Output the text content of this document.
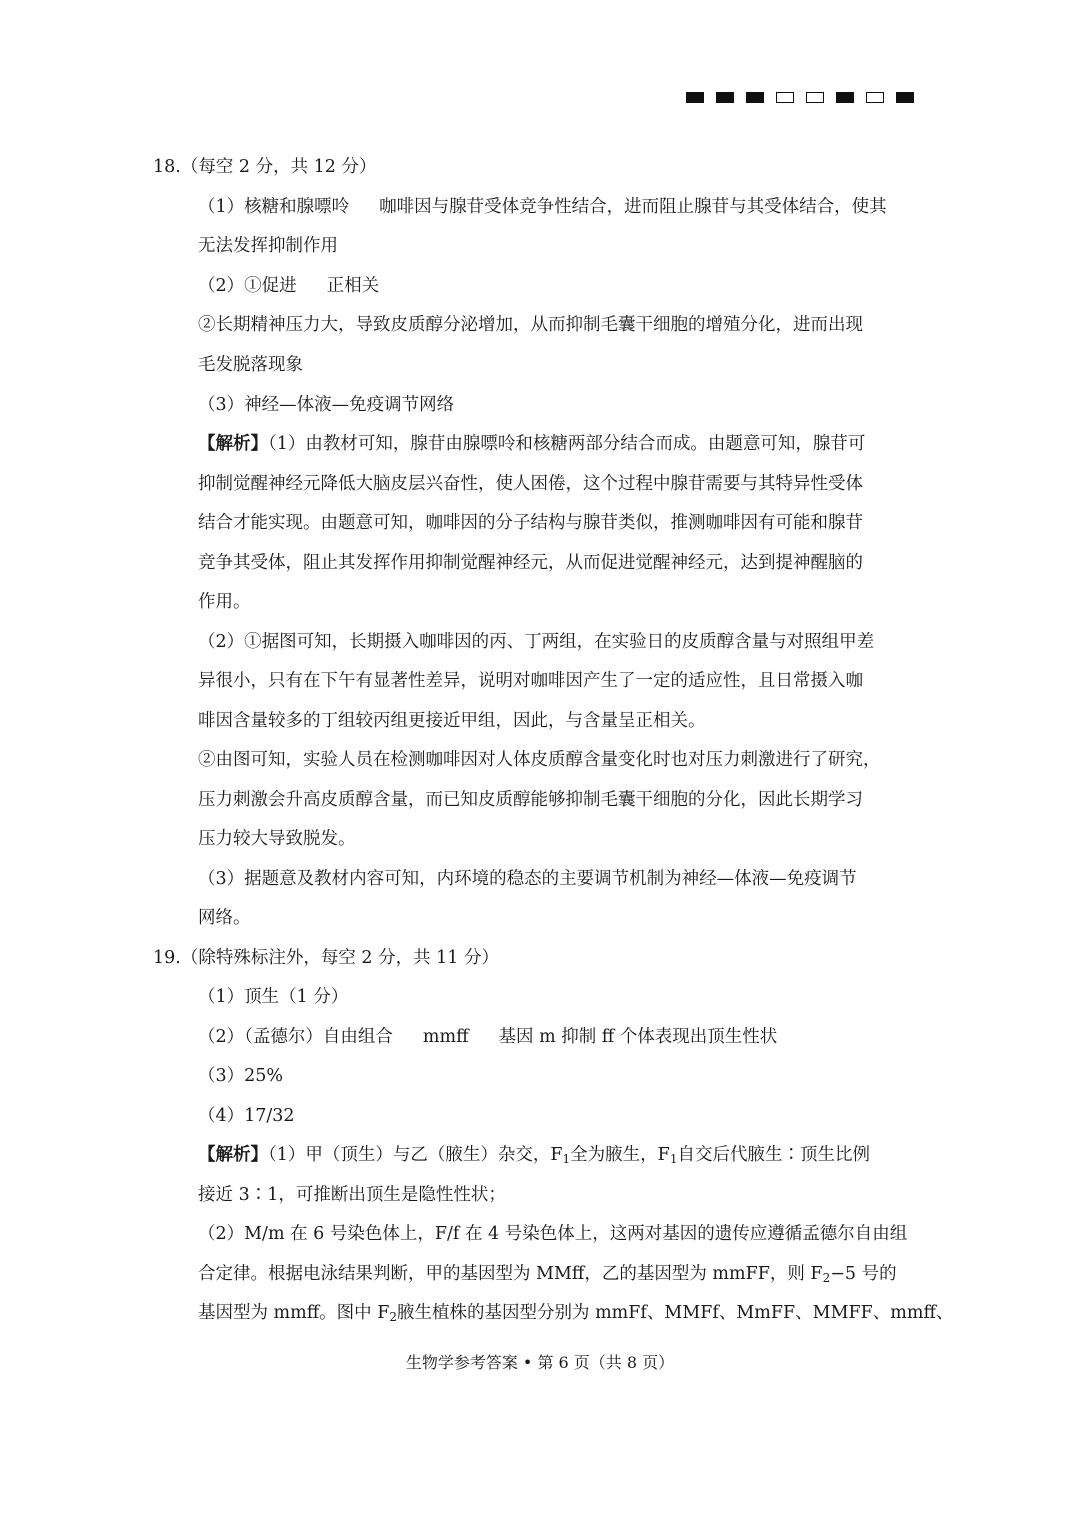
18.（每空 2 分，共 12 分）
（1）核糖和腺嘌呤 咖啡因与腺苷受体竞争性结合，进而阻止腺苷与其受体结合，使其
无法发挥抑制作用
（2）①促进 正相关
②长期精神压力大，导致皮质醇分泌增加，从而抑制毛囊干细胞的增殖分化，进而出现
毛发脱落现象
（3）神经—体液—免疫调节网络
【解析】（1）由教材可知，腺苷由腺嘌呤和核糖两部分结合而成。由题意可知，腺苷可
抑制觉醒神经元降低大脑皮层兴奋性，使人困倦，这个过程中腺苷需要与其特异性受体
结合才能实现。由题意可知，咖啡因的分子结构与腺苷类似，推测咖啡因有可能和腺苷
竞争其受体，阻止其发挥作用抑制觉醒神经元，从而促进觉醒神经元，达到提神醒脑的
作用。
（2）①据图可知，长期摄入咖啡因的丙、丁两组，在实验日的皮质醇含量与对照组甲差
异很小，只有在下午有显著性差异，说明对咖啡因产生了一定的适应性，且日常摄入咖
啡因含量较多的丁组较丙组更接近甲组，因此，与含量呈正相关。
②由图可知，实验人员在检测咖啡因对人体皮质醇含量变化时也对压力刺激进行了研究，
压力刺激会升高皮质醇含量，而已知皮质醇能够抑制毛囊干细胞的分化，因此长期学习
压力较大导致脱发。
（3）据题意及教材内容可知，内环境的稳态的主要调节机制为神经—体液—免疫调节
网络。
19.（除特殊标注外，每空 2 分，共 11 分）
（1）顶生（1 分）
（2）（孟德尔）自由组合 mmff 基因 m 抑制 ff 个体表现出顶生性状
（3）25%
（4）17/32
【解析】（1）甲（顶生）与乙（腋生）杂交，$F_1$全为腋生，$F_1$自交后代腋生∶顶生比例
接近 3∶1，可推断出顶生是隐性性状；
（2）M/m 在 6 号染色体上，F/f 在 4 号染色体上，这两对基因的遗传应遵循孟德尔自由组
合定律。根据电泳结果判断，甲的基因型为 MMff，乙的基因型为 mmFF，则 $F_2-5$ 号的
基因型为 mmff。图中 $F_2$腋生植株的基因型分别为 mmFf、MMFf、MmFF、MMFF、mmff、
生物学参考答案 • 第 6 页（共 8 页）
